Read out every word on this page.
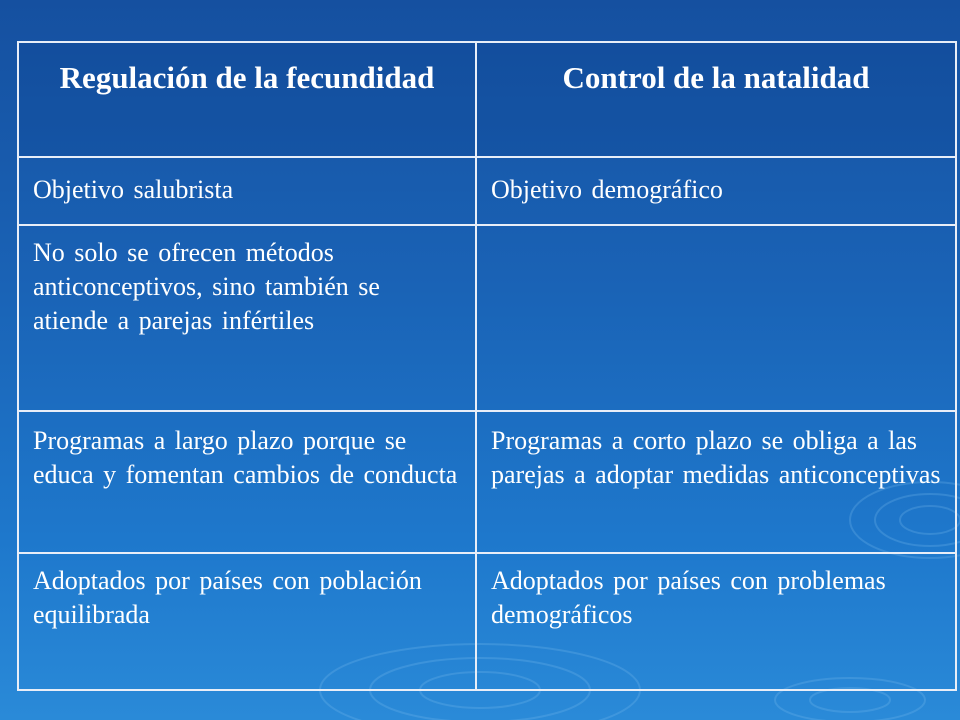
Regulación de la fecundidad	Control de la natalidad
Objetivo salubrista	Objetivo demográfico
No solo se ofrecen métodos anticonceptivos, sino también se atiende a parejas infértiles	
Programas a largo plazo porque se educa y fomentan cambios de conducta	Programas a corto plazo se obliga a las parejas a adoptar medidas anticonceptivas
Adoptados por países con población equilibrada	Adoptados por países con problemas demográficos
